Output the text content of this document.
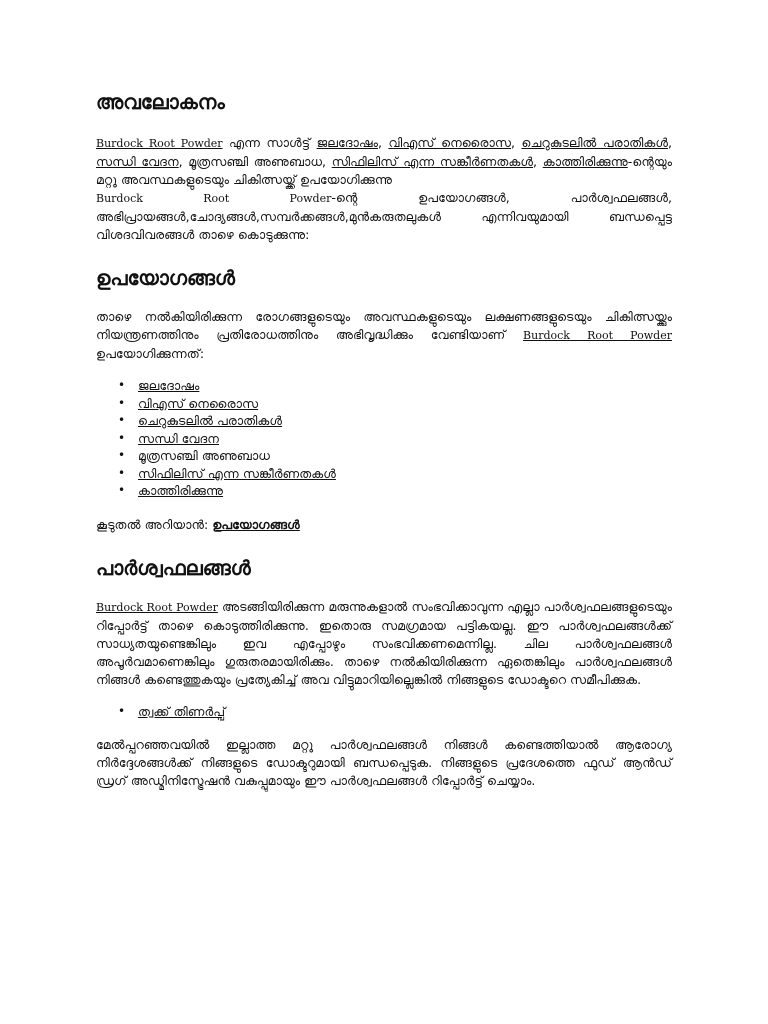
അവലോകനം

Burdock Root Powder എന്ന സാൾട്ട് ജലദോഷം, വിഎസ് നെരൈാസ, ചെറുകുടലിൽ പരാതികൾ, സന്ധി വേദന, മൂത്രസഞ്ചി അണുബാധ, സിഫിലിസ് എന്ന സങ്കീർണതകൾ, കാത്തിരിക്കുന്നു-ന്റെയും മറ്റു അവസ്ഥകളുടെയും ചികിത്സയ്ക്ക് ഉപയോഗിക്കുന്നു

Burdock Root Powder-ന്റെ ഉപയോഗങ്ങൾ, പാർശ്വഫലങ്ങൾ, അഭിപ്രായങ്ങൾ,ചോദ്യങ്ങൾ,സമ്പർക്കങ്ങൾ,മുൻകരുതലുകൾ എന്നിവയുമായി ബന്ധപ്പെട്ട വിശദവിവരങ്ങൾ താഴെ കൊടുക്കുന്നു:

ഉപയോഗങ്ങൾ

താഴെ നൽകിയിരിക്കുന്ന രോഗങ്ങളുടെയും അവസ്ഥകളുടെയും ലക്ഷണങ്ങളുടെയും ചികിത്സയ്ക്കും നിയന്ത്രണത്തിനും പ്രതിരോധത്തിനും അഭിവൃദ്ധിക്കും വേണ്ടിയാണ് Burdock Root Powder ഉപയോഗിക്കുന്നത്:

• ജലദോഷം
• വിഎസ് നെരൈാസ
• ചെറുകുടലിൽ പരാതികൾ
• സന്ധി വേദന
• മൂത്രസഞ്ചി അണുബാധ
• സിഫിലിസ് എന്ന സങ്കീർണതകൾ
• കാത്തിരിക്കുന്നു

കൂടുതൽ അറിയാൻ: ഉപയോഗങ്ങൾ

പാർശ്വഫലങ്ങൾ

Burdock Root Powder അടങ്ങിയിരിക്കുന്ന മരുന്നുകളാൽ സംഭവിക്കാവുന്ന എല്ലാ പാർശ്വഫലങ്ങളുടെയും റിപ്പോർട്ട് താഴെ കൊടുത്തിരിക്കുന്നു. ഇതൊരു സമഗ്രമായ പട്ടികയല്ല. ഈ പാർശ്വഫലങ്ങൾക്ക് സാധ്യതയുണ്ടെങ്കിലും ഇവ എപ്പോഴും സംഭവിക്കണമെന്നില്ല. ചില പാർശ്വഫലങ്ങൾ അപൂർവമാണെങ്കിലും ഗുരുതരമായിരിക്കും. താഴെ നൽകിയിരിക്കുന്ന ഏതെങ്കിലും പാർശ്വഫലങ്ങൾ നിങ്ങൾ കണ്ടെത്തുകയും പ്രത്യേകിച്ച് അവ വിട്ടുമാറിയില്ലെങ്കിൽ നിങ്ങളുടെ ഡോക്ടറെ സമീപിക്കുക.

• ത്വക്ക് തിണർപ്പ്

മേൽപ്പറഞ്ഞവയിൽ ഇല്ലാത്ത മറ്റു പാർശ്വഫലങ്ങൾ നിങ്ങൾ കണ്ടെത്തിയാൽ ആരോഗ്യ നിർദ്ദേശങ്ങൾക്ക് നിങ്ങളുടെ ഡോക്ടറുമായി ബന്ധപ്പെടുക. നിങ്ങളുടെ പ്രദേശത്തെ ഫുഡ് ആൻഡ് ഡ്രഗ് അഡ്മിനിസ്ട്രേഷൻ വകുപ്പുമായും ഈ പാർശ്വഫലങ്ങൾ റിപ്പോർട്ട് ചെയ്യാം.
